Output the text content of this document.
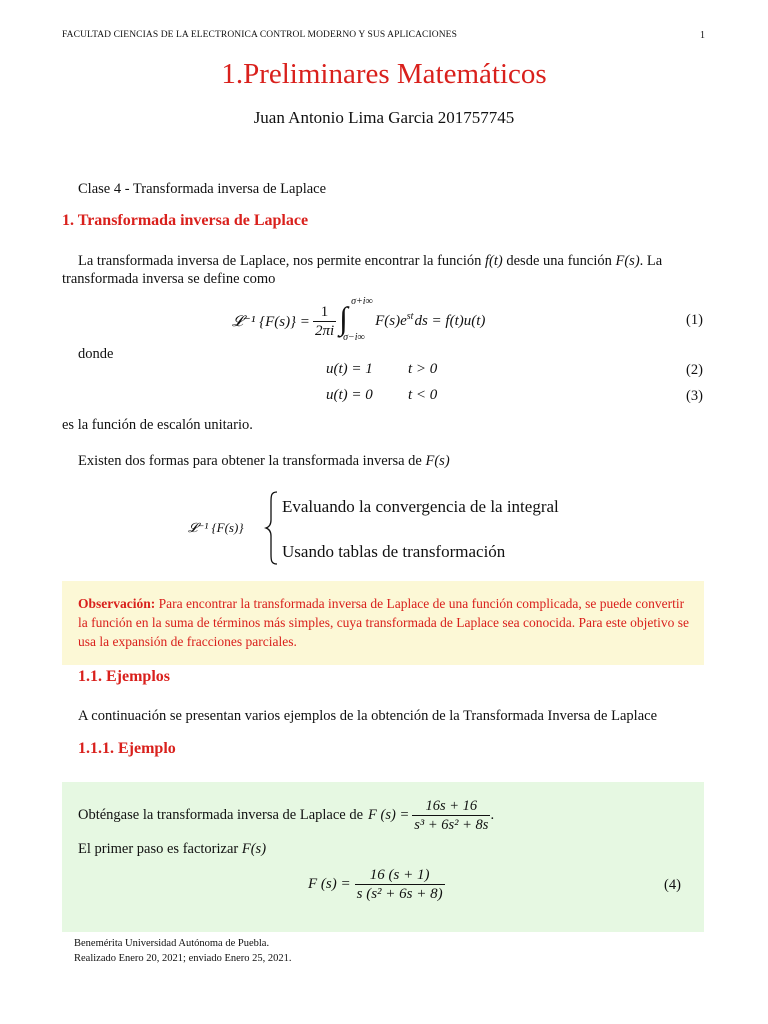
FACULTAD CIENCIAS DE LA ELECTRONICA CONTROL MODERNO Y SUS APLICACIONES	1
1.Preliminares Matemáticos
Juan Antonio Lima Garcia 201757745
Clase 4 - Transformada inversa de Laplace
1. Transformada inversa de Laplace
La transformada inversa de Laplace, nos permite encontrar la función f(t) desde una función F(s). La
transformada inversa se define como
𝓛⁻¹ $\{F(s)\} = \frac{1}{2\pi i}$ ∫ σ+i∞
σ−i∞
$F(s)e^{st}$ ds = f(t)u(t)	(1)
donde
u(t) = 1 t > 0	(2)
u(t) = 0 t < 0	(3)
es la función de escalón unitario.
Existen dos formas para obtener la transformada inversa de F(s)
𝓛⁻¹ {F(s)}
Evaluando la convergencia de la integral
Usando tablas de transformación
Observación: Para encontrar la transformada inversa de Laplace de una función complicada, se puede convertir la función en la suma de términos más simples, cuya transformada de Laplace sea conocida. Para este objetivo se usa la expansión de fracciones parciales.
1.1. Ejemplos
A continuación se presentan varios ejemplos de la obtención de la Transformada Inversa de Laplace
1.1.1. Ejemplo
Obténgase la transformada inversa de Laplace de F $(s) = \frac{16s + 16}{\text{s³ + 6s² + 8s}}$ .
El primer paso es factorizar F(s)
F $(s) = \frac{16 (s + 1)}{\text{s (s² + 6s + 8)}}$	(4)
Benemérita Universidad Autónoma de Puebla.
Realizado Enero 20, 2021; enviado Enero 25, 2021.
